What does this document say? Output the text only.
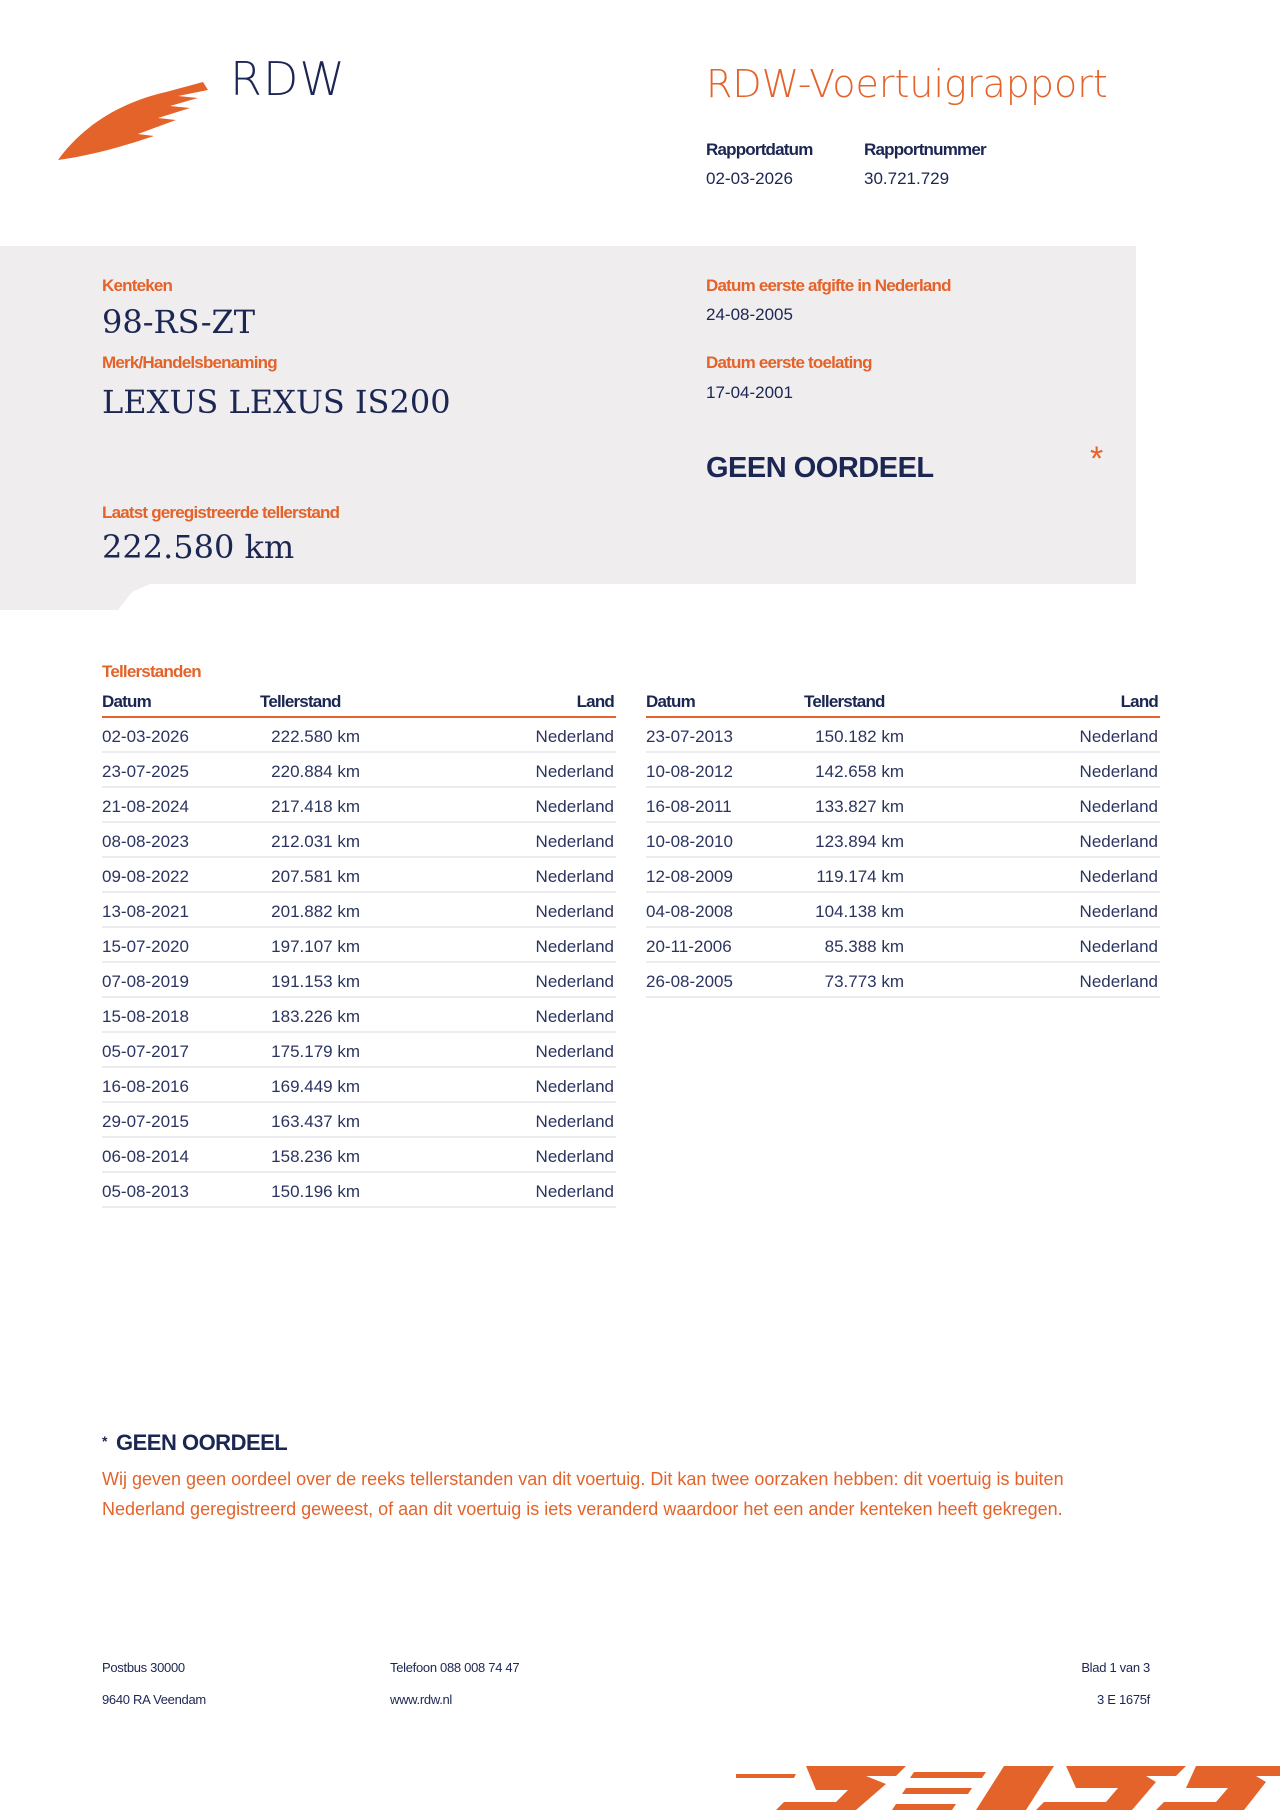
RDW	RDW-Voertuigrapport
Rapportdatum
02-03-2026
Rapportnummer
30.721.729
Kenteken
98-RS-ZT
Merk/Handelsbenaming
LEXUS LEXUS IS200
Laatst geregistreerde tellerstand
222.580 km
Datum eerste afgifte in Nederland
24-08-2005
Datum eerste toelating
17-04-2001
GEEN OORDEEL	*
Tellerstanden
Datum	Tellerstand	Land
02-03-2026	222.580 km	Nederland
23-07-2025	220.884 km	Nederland
21-08-2024	217.418 km	Nederland
08-08-2023	212.031 km	Nederland
09-08-2022	207.581 km	Nederland
13-08-2021	201.882 km	Nederland
15-07-2020	197.107 km	Nederland
07-08-2019	191.153 km	Nederland
15-08-2018	183.226 km	Nederland
05-07-2017	175.179 km	Nederland
16-08-2016	169.449 km	Nederland
29-07-2015	163.437 km	Nederland
06-08-2014	158.236 km	Nederland
05-08-2013	150.196 km	Nederland
Datum	Tellerstand	Land
23-07-2013	150.182 km	Nederland
10-08-2012	142.658 km	Nederland
16-08-2011	133.827 km	Nederland
10-08-2010	123.894 km	Nederland
12-08-2009	119.174 km	Nederland
04-08-2008	104.138 km	Nederland
20-11-2006	85.388 km	Nederland
26-08-2005	73.773 km	Nederland
* GEEN OORDEEL
Wij geven geen oordeel over de reeks tellerstanden van dit voertuig. Dit kan twee oorzaken hebben: dit voertuig is buiten Nederland geregistreerd geweest, of aan dit voertuig is iets veranderd waardoor het een ander kenteken heeft gekregen.
Postbus 30000
9640 RA Veendam
Telefoon 088 008 74 47
www.rdw.nl
Blad 1 van 3
3 E 1675f
